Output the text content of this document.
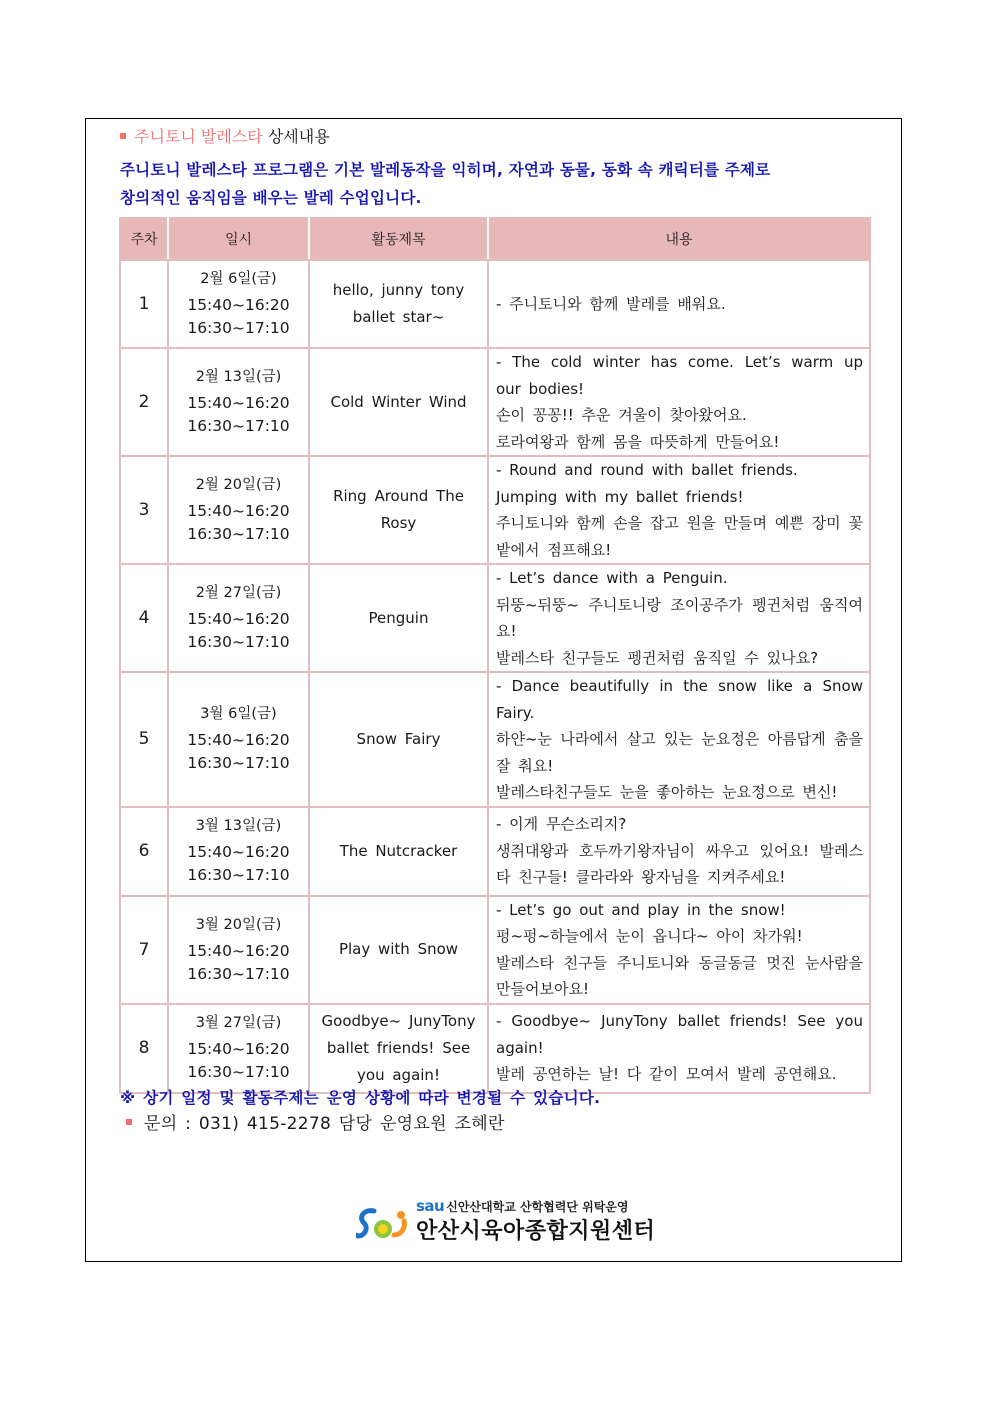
주니토니 발레스타 상세내용
주니토니 발레스타 프로그램은 기본 발레동작을 익히며, 자연과 동물, 동화 속 캐릭터를 주제로
창의적인 움직임을 배우는 발레 수업입니다.
주차	일시	활동제목	내용
1	2월 6일(금)
15:40~16:20
16:30~17:10	hello, junny tony ballet star~	- 주니토니와 함께 발레를 배워요.

2	2월 13일(금)
15:40~16:20
16:30~17:10	Cold Winter Wind	- The cold winter has come. Let’s warm up our bodies!
손이 꽁꽁!! 추운 겨울이 찾아왔어요.
로라여왕과 함께 몸을 따뜻하게 만들어요!

3	2월 20일(금)
15:40~16:20
16:30~17:10	Ring Around The Rosy	- Round and round with ballet friends.
Jumping with my ballet friends!
주니토니와 함께 손을 잡고 원을 만들며 예쁜 장미 꽃밭에서 점프해요!

4	2월 27일(금)
15:40~16:20
16:30~17:10	Penguin	- Let’s dance with a Penguin.
뒤뚱~뒤뚱~ 주니토니랑 조이공주가 펭귄처럼 움직여요!
발레스타 친구들도 펭귄처럼 움직일 수 있나요?

5	3월 6일(금)
15:40~16:20
16:30~17:10	Snow Fairy	- Dance beautifully in the snow like a Snow Fairy.
하얀~눈 나라에서 살고 있는 눈요정은 아름답게 춤을 잘 춰요!
발레스타친구들도 눈을 좋아하는 눈요정으로 변신!

6	3월 13일(금)
15:40~16:20
16:30~17:10	The Nutcracker	- 이게 무슨소리지?
생쥐대왕과 호두까기왕자님이 싸우고 있어요! 발레스타 친구들! 클라라와 왕자님을 지켜주세요!

7	3월 20일(금)
15:40~16:20
16:30~17:10	Play with Snow	- Let’s go out and play in the snow!
펑~펑~하늘에서 눈이 옵니다~ 아이 차가워!
발레스타 친구들 주니토니와 동글동글 멋진 눈사람을 만들어보아요!

8	3월 27일(금)
15:40~16:20
16:30~17:10	Goodbye~ JunyTony ballet friends! See you again!	- Goodbye~ JunyTony ballet friends! See you again!
발레 공연하는 날! 다 같이 모여서 발레 공연해요.
※ 상기 일정 및 활동주제는 운영 상황에 따라 변경될 수 있습니다.
문의 : 031) 415-2278 담당 운영요원 조혜란
sau 신안산대학교 산학협력단 위탁운영
안산시육아종합지원센터
